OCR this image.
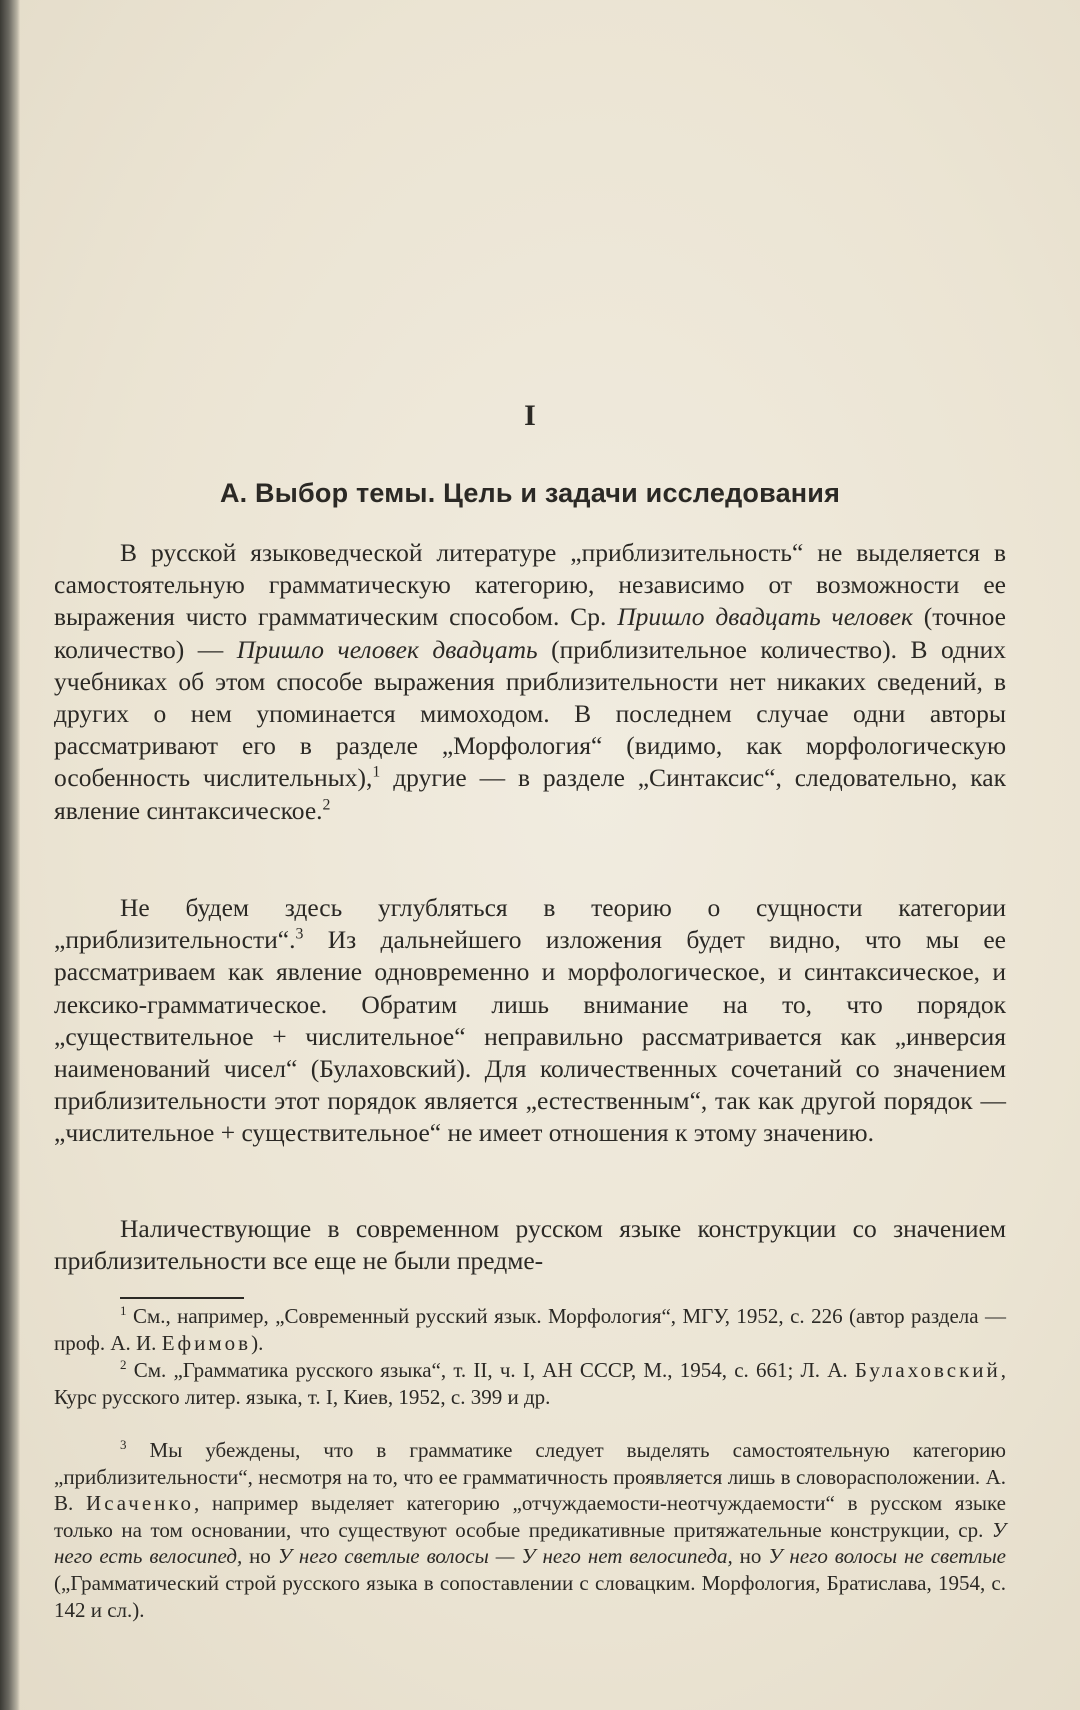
I
А. Выбор темы. Цель и задачи исследования

В русской языковедческой литературе „приблизительность“ не выделяется в самостоятельную грамматическую категорию, независимо от возможности ее выражения чисто грамматическим способом. Ср. Пришло двадцать человек (точное количество) — Пришло человек двадцать (приблизительное количество). В одних учебниках об этом способе выражения приблизительности нет никаких сведений, в других о нем упоминается мимоходом. В последнем случае одни авторы рассматривают его в разделе „Морфология“ (видимо, как морфологическую особенность числительных),$^1$ другие — в разделе „Синтаксис“, следовательно, как явление синтаксическое.$^2$

Не будем здесь углубляться в теорию о сущности категории „приблизительности“.$^3$ Из дальнейшего изложения будет видно, что мы ее рассматриваем как явление одновременно и морфологическое, и синтаксическое, и лексико-грамматическое. Обратим лишь внимание на то, что порядок „существительное + числительное“ неправильно рассматривается как „инверсия наименований чисел“ (Булаховский). Для количественных сочетаний со значением приблизительности этот порядок является „естественным“, так как другой порядок — „числительное + существительное“ не имеет отношения к этому значению.

Наличествующие в современном русском языке конструкции со значением приблизительности все еще не были предме-

$^1$ См., например, „Современный русский язык. Морфология“, МГУ, 1952, с. 226 (автор раздела — проф. А. И. Ефимов).

$^2$ См. „Грамматика русского языка“, т. II, ч. I, АН СССР, М., 1954, с. 661; Л. А. Булаховский, Курс русского литер. языка, т. I, Киев, 1952, с. 399 и др.

$^3$ Мы убеждены, что в грамматике следует выделять самостоятельную категорию „приблизительности“, несмотря на то, что ее грамматичность проявляется лишь в словорасположении. А. В. Исаченко, например выделяет категорию „отчуждаемости-неотчуждаемости“ в русском языке только на том основании, что существуют особые предикативные притяжательные конструкции, ср. У него есть велосипед, но У него светлые волосы — У него нет велосипеда, но У него волосы не светлые („Грамматический строй русского языка в сопоставлении с словацким. Морфология, Братислава, 1954, с. 142 и сл.).
